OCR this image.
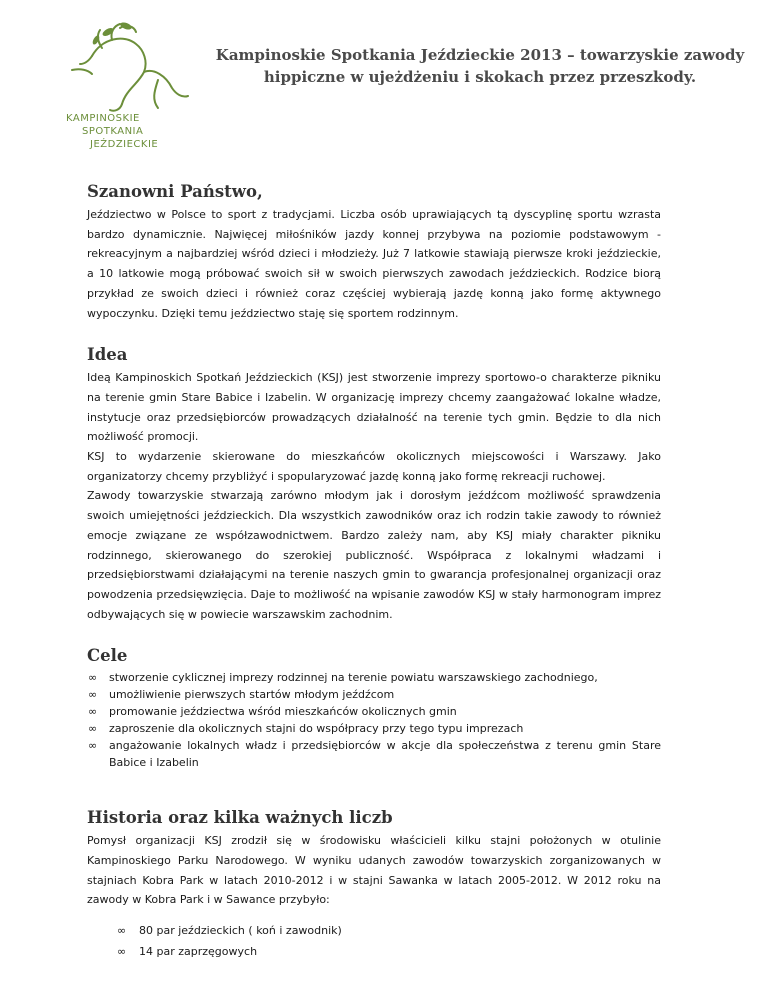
KAMPINOSKIE
SPOTKANIA
JEŹDZIECKIE
Kampinoskie Spotkania Jeździeckie 2013 – towarzyskie zawody
hippiczne w ujeżdżeniu i skokach przez przeszkody.
Szanowni Państwo,

Jeździectwo w Polsce to sport z tradycjami. Liczba osób uprawiających tą dyscyplinę sportu wzrasta bardzo dynamicznie. Najwięcej miłośników jazdy konnej przybywa na poziomie podstawowym - rekreacyjnym a najbardziej wśród dzieci i młodzieży. Już 7 latkowie stawiają pierwsze kroki jeździeckie, a 10 latkowie mogą próbować swoich sił w swoich pierwszych zawodach jeździeckich. Rodzice biorą przykład ze swoich dzieci i również coraz częściej wybierają jazdę konną jako formę aktywnego wypoczynku. Dzięki temu jeździectwo staję się sportem rodzinnym.

Idea

Ideą Kampinoskich Spotkań Jeździeckich (KSJ) jest stworzenie imprezy sportowo-o charakterze pikniku na terenie gmin Stare Babice i Izabelin. W organizację imprezy chcemy zaangażować lokalne władze, instytucje oraz przedsiębiorców prowadzących działalność na terenie tych gmin. Będzie to dla nich możliwość promocji.

KSJ to wydarzenie skierowane do mieszkańców okolicznych miejscowości i Warszawy. Jako organizatorzy chcemy przybliżyć i spopularyzować jazdę konną jako formę rekreacji ruchowej.

Zawody towarzyskie stwarzają zarówno młodym jak i dorosłym jeźdźcom możliwość sprawdzenia swoich umiejętności jeździeckich. Dla wszystkich zawodników oraz ich rodzin takie zawody to również emocje związane ze współzawodnictwem. Bardzo zależy nam, aby KSJ miały charakter pikniku rodzinnego, skierowanego do szerokiej publiczność. Współpraca z lokalnymi władzami i przedsiębiorstwami działającymi na terenie naszych gmin to gwarancja profesjonalnej organizacji oraz powodzenia przedsięwzięcia. Daje to możliwość na wpisanie zawodów KSJ w stały harmonogram imprez odbywających się w powiecie warszawskim zachodnim.

Cele
∞ stworzenie cyklicznej imprezy rodzinnej na terenie powiatu warszawskiego zachodniego,
∞ umożliwienie pierwszych startów młodym jeźdźcom
∞ promowanie jeździectwa wśród mieszkańców okolicznych gmin
∞ zaproszenie dla okolicznych stajni do współpracy przy tego typu imprezach
∞ angażowanie lokalnych władz i przedsiębiorców w akcje dla społeczeństwa z terenu gmin Stare Babice i Izabelin
Historia oraz kilka ważnych liczb

Pomysł organizacji KSJ zrodził się w środowisku właścicieli kilku stajni położonych w otulinie Kampinoskiego Parku Narodowego. W wyniku udanych zawodów towarzyskich zorganizowanych w stajniach Kobra Park w latach 2010-2012 i w stajni Sawanka w latach 2005-2012. W 2012 roku na zawody w Kobra Park i w Sawance przybyło:

∞ 80 par jeździeckich ( koń i zawodnik)
∞ 14 par zaprzęgowych
